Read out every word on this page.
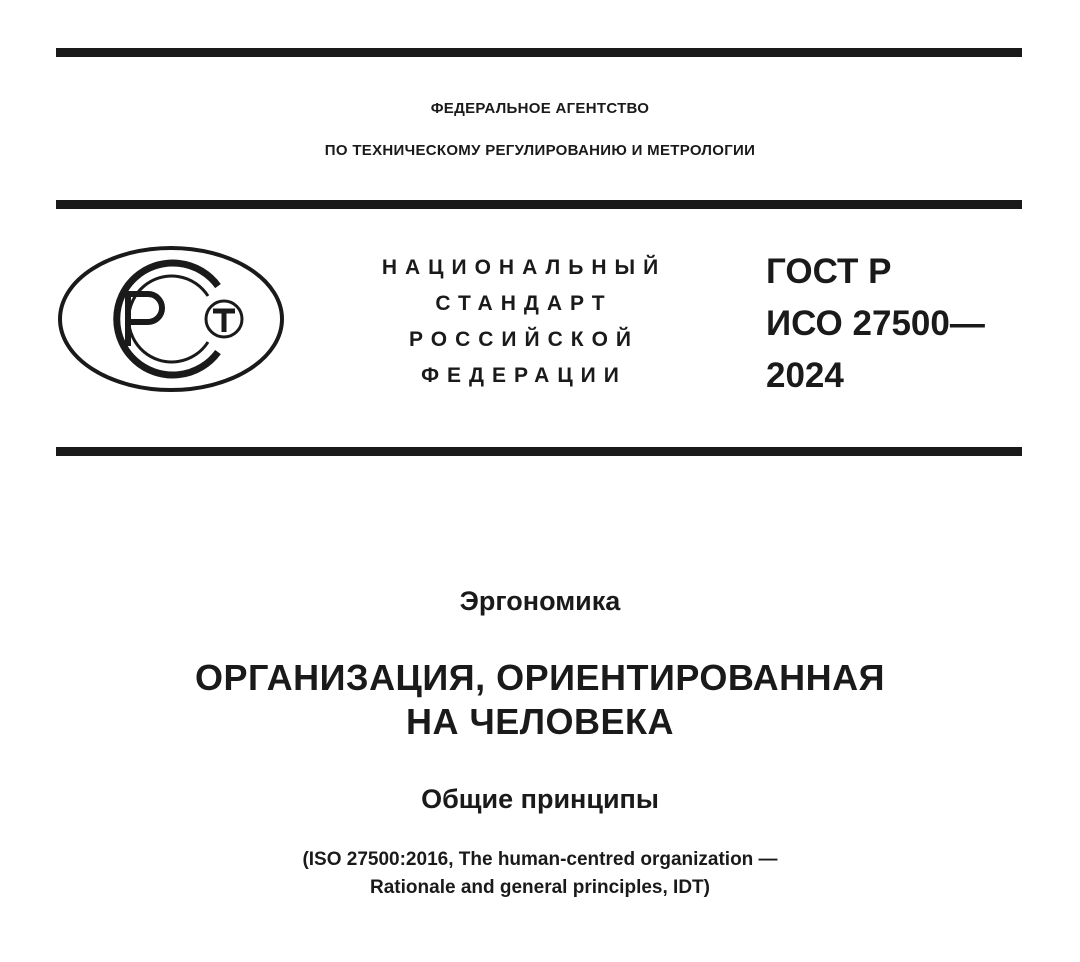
ФЕДЕРАЛЬНОЕ АГЕНТСТВО
ПО ТЕХНИЧЕСКОМУ РЕГУЛИРОВАНИЮ И МЕТРОЛОГИИ
НАЦИОНАЛЬНЫЙ
СТАНДАРТ
РОССИЙСКОЙ
ФЕДЕРАЦИИ
ГОСТ Р
ИСО 27500—
2024
Эргономика
ОРГАНИЗАЦИЯ, ОРИЕНТИРОВАННАЯ
НА ЧЕЛОВЕКА
Общие принципы
(ISO 27500:2016, The human-centred organization —
Rationale and general principles, IDT)
